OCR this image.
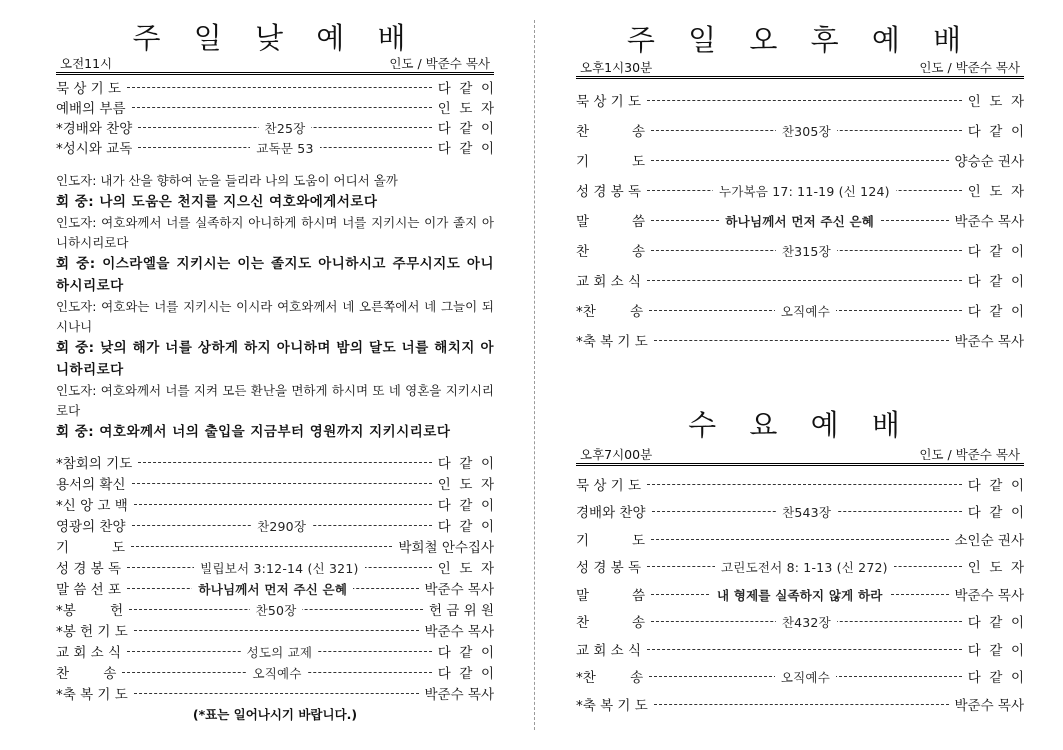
주 일 낮 예 배
오전11시	인도 / 박준수 목사
묵 상 기 도	다  같  이
예배의 부름	인  도  자
*경배와 찬양	찬25장	다  같  이
*성시와 교독	교독문 53	다  같  이

인도자: 내가 산을 향하여 눈을 들리라 나의 도움이 어디서 올까

회 중: 나의 도움은 천지를 지으신 여호와에게서로다

인도자: 여호와께서 너를 실족하지 아니하게 하시며 너를 지키시는 이가 졸지 아니하시리로다

회 중: 이스라엘을 지키시는 이는 졸지도 아니하시고 주무시지도 아니하시리로다

인도자: 여호와는 너를 지키시는 이시라 여호와께서 네 오른쪽에서 네 그늘이 되시나니

회 중: 낮의 해가 너를 상하게 하지 아니하며 밤의 달도 너를 해치지 아니하리로다

인도자: 여호와께서 너를 지켜 모든 환난을 면하게 하시며 또 네 영혼을 지키시리로다

회 중: 여호와께서 너의 출입을 지금부터 영원까지 지키시리로다

*참회의 기도	다  같  이
용서의 확신	인  도  자
*신 앙 고 백	다  같  이
영광의 찬양	찬290장	다  같  이
기          도	박희철 안수집사
성 경 봉 독	빌립보서 3:12-14 (신 321)	인  도  자
말 씀 선 포	하나님께서 먼저 주신 은혜	박준수 목사
*봉        헌	찬50장	헌 금 위 원
*봉 헌 기 도	박준수 목사
교 회 소 식	성도의 교제	다  같  이
찬        송	오직예수	다  같  이
*축 복 기 도	박준수 목사
(*표는 일어나시기 바랍니다.)
주 일 오 후 예 배
오후1시30분	인도 / 박준수 목사
묵 상 기 도	인  도  자
찬          송	찬305장	다  같  이
기          도	양승순 권사
성 경 봉 독	누가복음 17: 11-19 (신 124)	인  도  자
말          씀	하나님께서 먼저 주신 은혜	박준수 목사
찬          송	찬315장	다  같  이
교 회 소 식	다  같  이
*찬        송	오직예수	다  같  이
*축 복 기 도	박준수 목사
수 요 예 배
오후7시00분	인도 / 박준수 목사
묵 상 기 도	다  같  이
경배와 찬양	찬543장	다  같  이
기          도	소인순 권사
성 경 봉 독	고린도전서 8: 1-13 (신 272)	인  도  자
말          씀	내 형제를 실족하지 않게 하라	박준수 목사
찬          송	찬432장	다  같  이
교 회 소 식	다  같  이
*찬        송	오직예수	다  같  이
*축 복 기 도	박준수 목사
